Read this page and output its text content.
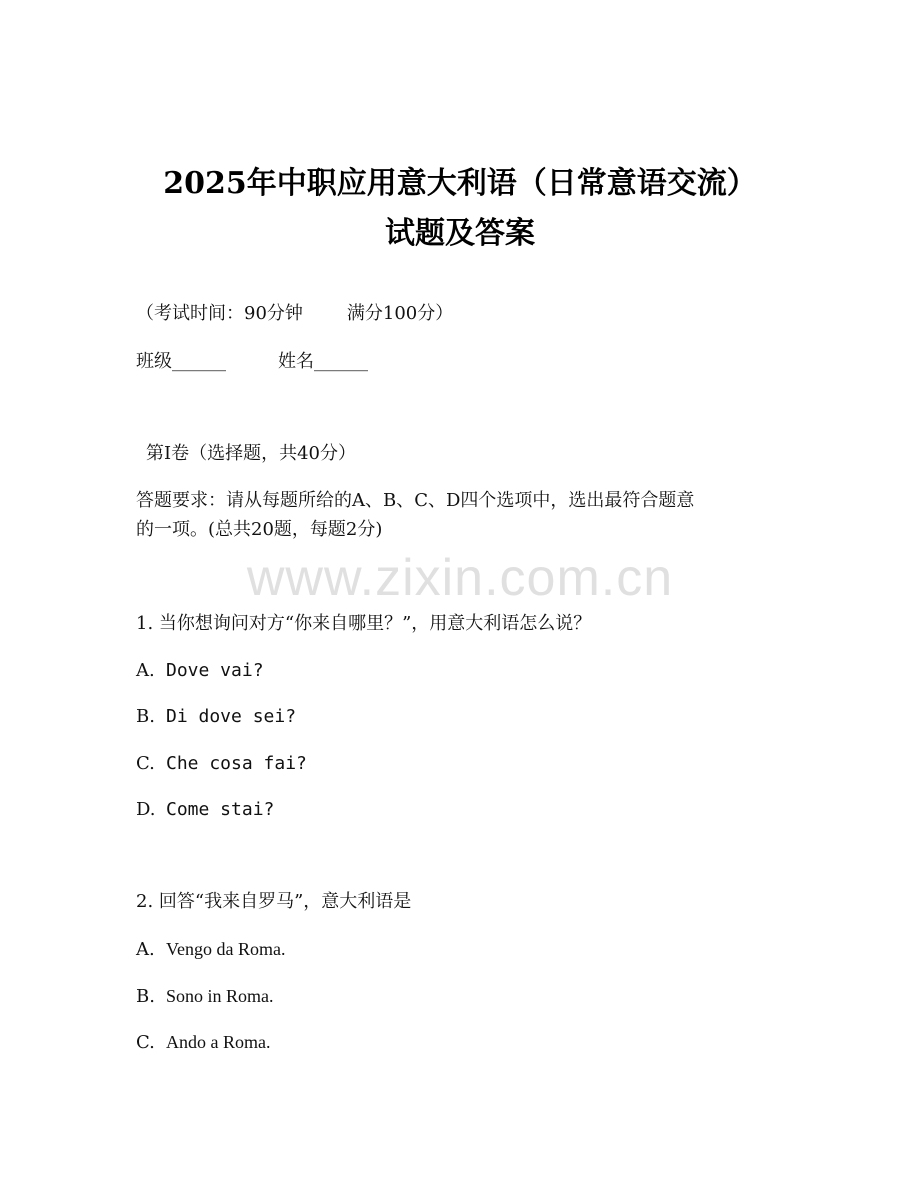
2025年中职应用意大利语（日常意语交流）
试题及答案
（考试时间：90分钟 满分100分）
班级______	姓名______
第I卷（选择题，共40分）
答题要求：请从每题所给的A、B、C、D四个选项中，选出最符合题意
的一项。(总共20题，每题2分)
www.zixin.com.cn
1. 当你想询问对方“你来自哪里？”，用意大利语怎么说？
A. Dove vai?
B. Di dove sei?
C. Che cosa fai?
D. Come stai?
2. 回答“我来自罗马”，意大利语是
A. Vengo da Roma.
B. Sono in Roma.
C. Ando a Roma.
